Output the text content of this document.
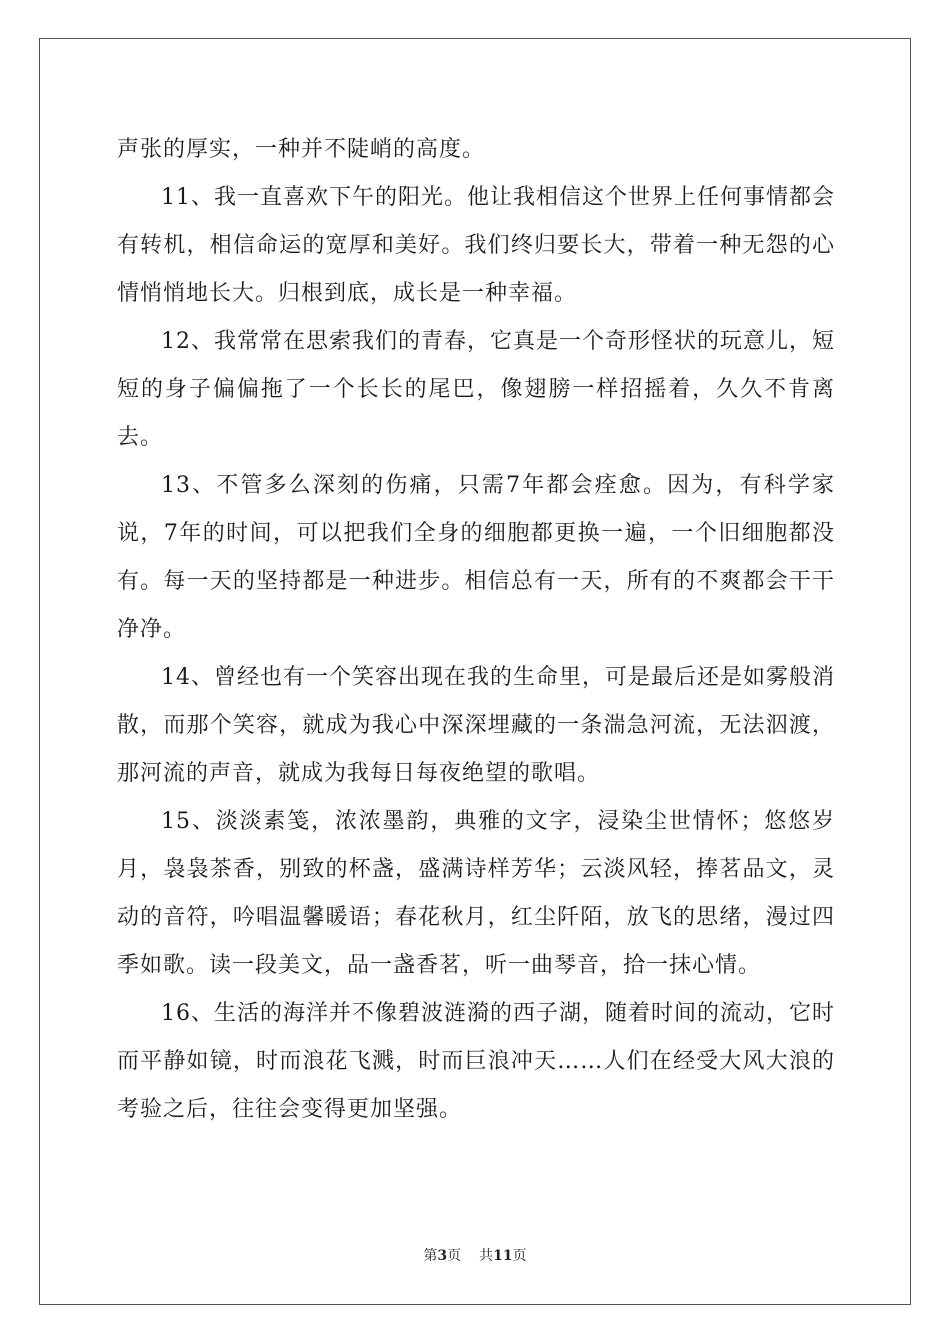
声张的厚实，一种并不陡峭的高度。

11、我一直喜欢下午的阳光。他让我相信这个世界上任何事情都会有转机，相信命运的宽厚和美好。我们终归要长大，带着一种无怨的心情悄悄地长大。归根到底，成长是一种幸福。

12、我常常在思索我们的青春，它真是一个奇形怪状的玩意儿，短短的身子偏偏拖了一个长长的尾巴，像翅膀一样招摇着，久久不肯离去。

13、不管多么深刻的伤痛，只需7年都会痊愈。因为，有科学家说，7年的时间，可以把我们全身的细胞都更换一遍，一个旧细胞都没有。每一天的坚持都是一种进步。相信总有一天，所有的不爽都会干干净净。

14、曾经也有一个笑容出现在我的生命里，可是最后还是如雾般消散，而那个笑容，就成为我心中深深埋藏的一条湍急河流，无法泅渡，那河流的声音，就成为我每日每夜绝望的歌唱。

15、淡淡素笺，浓浓墨韵，典雅的文字，浸染尘世情怀；悠悠岁月，袅袅茶香，别致的杯盏，盛满诗样芳华；云淡风轻，捧茗品文，灵动的音符，吟唱温馨暖语；春花秋月，红尘阡陌，放飞的思绪，漫过四季如歌。读一段美文，品一盏香茗，听一曲琴音，拾一抹心情。

16、生活的海洋并不像碧波涟漪的西子湖，随着时间的流动，它时而平静如镜，时而浪花飞溅，时而巨浪冲天……人们在经受大风大浪的考验之后，往往会变得更加坚强。

第3页 共11页
